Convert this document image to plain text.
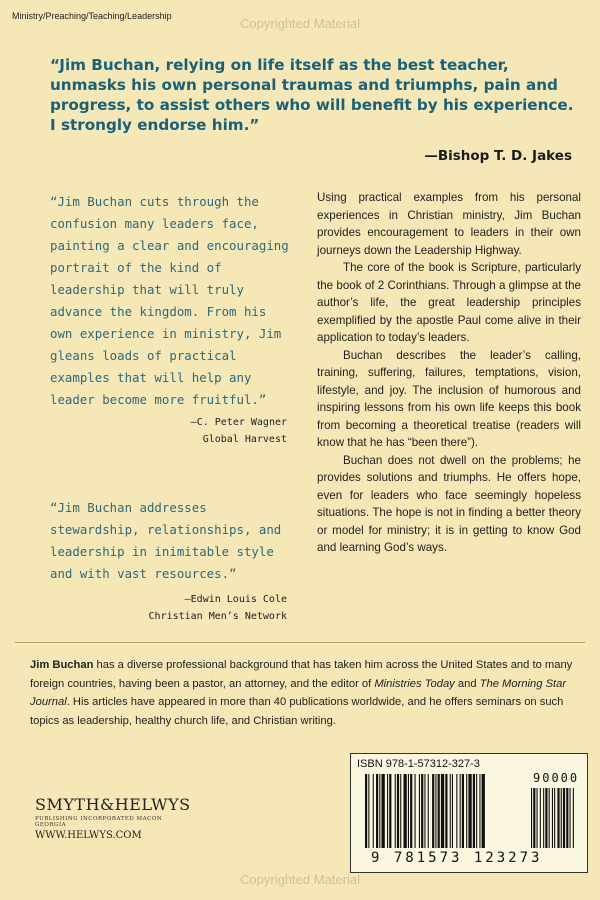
Ministry/Preaching/Teaching/Leadership	Copyrighted Material
“Jim Buchan, relying on life itself as the best teacher, unmasks his own personal traumas and triumphs, pain and progress, to assist others who will benefit by his experience. I strongly endorse him.”
—Bishop T. D. Jakes
“Jim Buchan cuts through the confusion many leaders face, painting a clear and encouraging portrait of the kind of leadership that will truly advance the kingdom. From his own experience in ministry, Jim gleans loads of practical examples that will help any leader become more fruitful.”
—C. Peter Wagner
Global Harvest
“Jim Buchan addresses stewardship, relationships, and leadership in inimitable style and with vast resources.”
—Edwin Louis Cole
Christian Men’s Network

Using practical examples from his personal experiences in Christian ministry, Jim Buchan provides encouragement to leaders in their own journeys down the Leadership Highway.

The core of the book is Scripture, particularly the book of 2 Corinthians. Through a glimpse at the author’s life, the great leadership principles exemplified by the apostle Paul come alive in their application to today’s leaders.

Buchan describes the leader’s calling, training, suffering, failures, temptations, vision, lifestyle, and joy. The inclusion of humorous and inspiring lessons from his own life keeps this book from becoming a theoretical treatise (readers will know that he has “been there”).

Buchan does not dwell on the problems; he provides solutions and triumphs. He offers hope, even for leaders who face seemingly hopeless situations. The hope is not in finding a better theory or model for ministry; it is in getting to know God and learning God’s ways.

Jim Buchan has a diverse professional background that has taken him across the United States and to many foreign countries, having been a pastor, an attorney, and the editor of Ministries Today and The Morning Star Journal. His articles have appeared in more than 40 publications worldwide, and he offers seminars on such topics as leadership, healthy church life, and Christian writing.
SMYTH&HELWYS
PUBLISHING INCORPORATED MACON GEORGIA
WWW.HELWYS.COM
ISBN 978-1-57312-327-3
90000
9 781573 123273
Copyrighted Material
